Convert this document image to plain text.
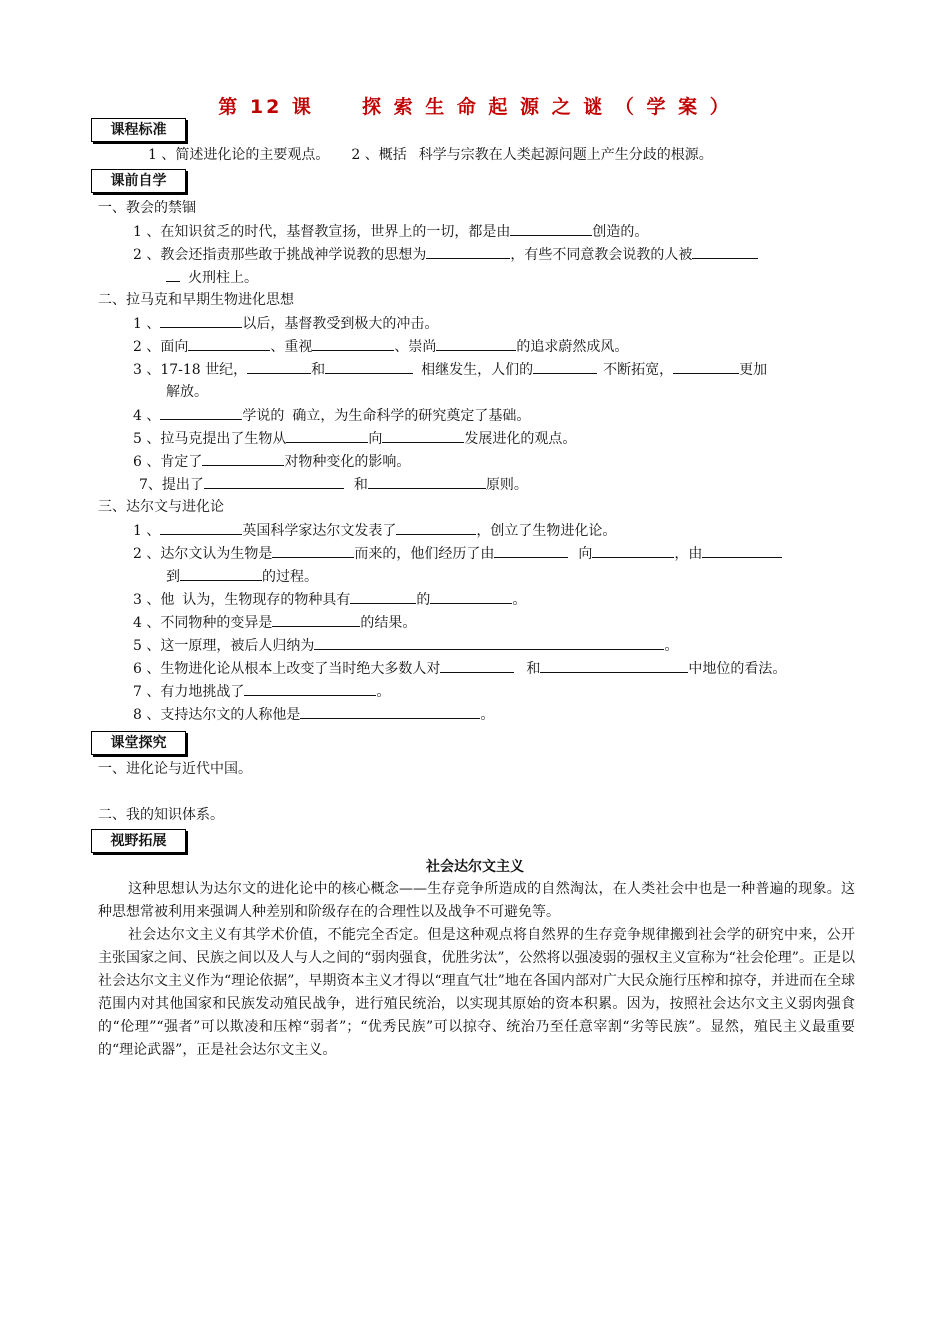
第 12 课     探 索 生 命 起 源 之 谜 （ 学 案 ）
课程标准
1 、简述进化论的主要观点。 2 、概括 科学与宗教在人类起源问题上产生分歧的根源。
课前自学
一、教会的禁锢
1 、在知识贫乏的时代，基督教宣扬，世界上的一切，都是由	创造的。
2 、教会还指责那些敢于挑战神学说教的思想为	，有些不同意教会说教的人被
火刑柱上。
二、拉马克和早期生物进化思想
1 、	以后，基督教受到极大的冲击。
2 、面向	、重视	、崇尚	的追求蔚然成风。
3 、17-18 世纪，	和	相继发生，人们的	不断拓宽，	更加
解放。
4 、	学说的 确立，为生命科学的研究奠定了基础。
5 、拉马克提出了生物从	向	发展进化的观点。
6 、肯定了	对物种变化的影响。
7、提出了	和	原则。
三、达尔文与进化论
1 、	英国科学家达尔文发表了	，创立了生物进化论。
2 、达尔文认为生物是	而来的，他们经历了由	向	，由
到	的过程。
3 、他 认为，生物现存的物种具有	的	。
4 、不同物种的变异是	的结果。
5 、这一原理，被后人归纳为	。
6 、生物进化论从根本上改变了当时绝大多数人对	和	中地位的看法。
7 、有力地挑战了	。
8 、支持达尔文的人称他是	。
课堂探究
一、进化论与近代中国。
二、我的知识体系。
视野拓展
社会达尔文主义
这种思想认为达尔文的进化论中的核心概念——生存竞争所造成的自然淘汰，在人类社会中也是一种普遍的现象。这种思想常被利用来强调人种差别和阶级存在的合理性以及战争不可避免等。
社会达尔文主义有其学术价值，不能完全否定。但是这种观点将自然界的生存竞争规律搬到社会学的研究中来，公开主张国家之间、民族之间以及人与人之间的“弱肉强食，优胜劣汰”，公然将以强凌弱的强权主义宣称为“社会伦理”。正是以社会达尔文主义作为“理论依据”，早期资本主义才得以“理直气壮”地在各国内部对广大民众施行压榨和掠夺，并进而在全球范围内对其他国家和民族发动殖民战争，进行殖民统治，以实现其原始的资本积累。因为，按照社会达尔文主义弱肉强食的“伦理”“强者”可以欺凌和压榨“弱者”；“优秀民族”可以掠夺、统治乃至任意宰割“劣等民族”。显然，殖民主义最重要的“理论武器”，正是社会达尔文主义。
